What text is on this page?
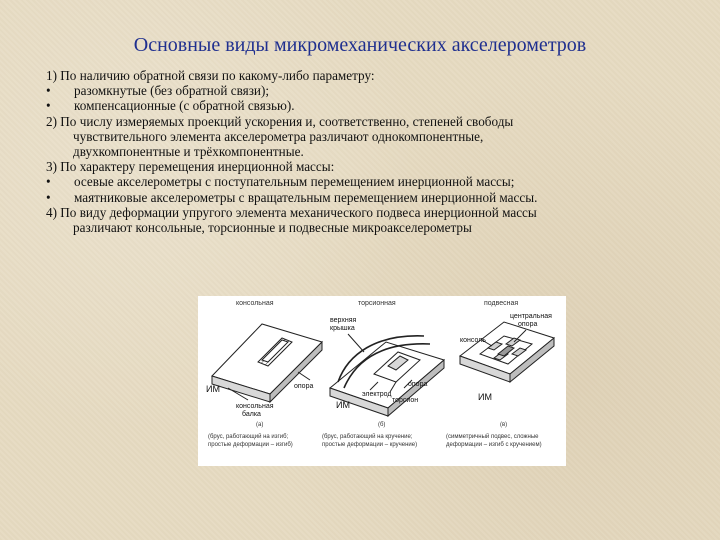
Основные виды микромеханических акселерометров
1) По наличию обратной связи по какому-либо параметру:
• разомкнутые (без обратной связи);
• компенсационные (с обратной связью).
2) По числу измеряемых проекций ускорения и, соответственно, степеней свободы
чувствительного элемента акселерометра различают однокомпонентные,
двухкомпонентные и трёхкомпонентные.
3) По характеру перемещения инерционной массы:
• осевые акселерометры с поступательным перемещением инерционной массы;
• маятниковые акселерометры с вращательным перемещением инерционной массы.
4) По виду деформации упругого элемента механического подвеса инерционной массы
различают консольные, торсионные и подвесные микроакселерометры
консольная	торсионная	подвесная
ИМ	опора
консольная
балка
верхняя
крышка
ИМ
опора
электрод
торсион
центральная
опора
консоль
ИМ
(а)
(брус, работающий на изгиб;
простые деформации – изгиб)
(б)
(брус, работающий на кручение;
простые деформации – кручение)
(в)
(симметричный подвес, сложные
деформации – изгиб с кручением)
